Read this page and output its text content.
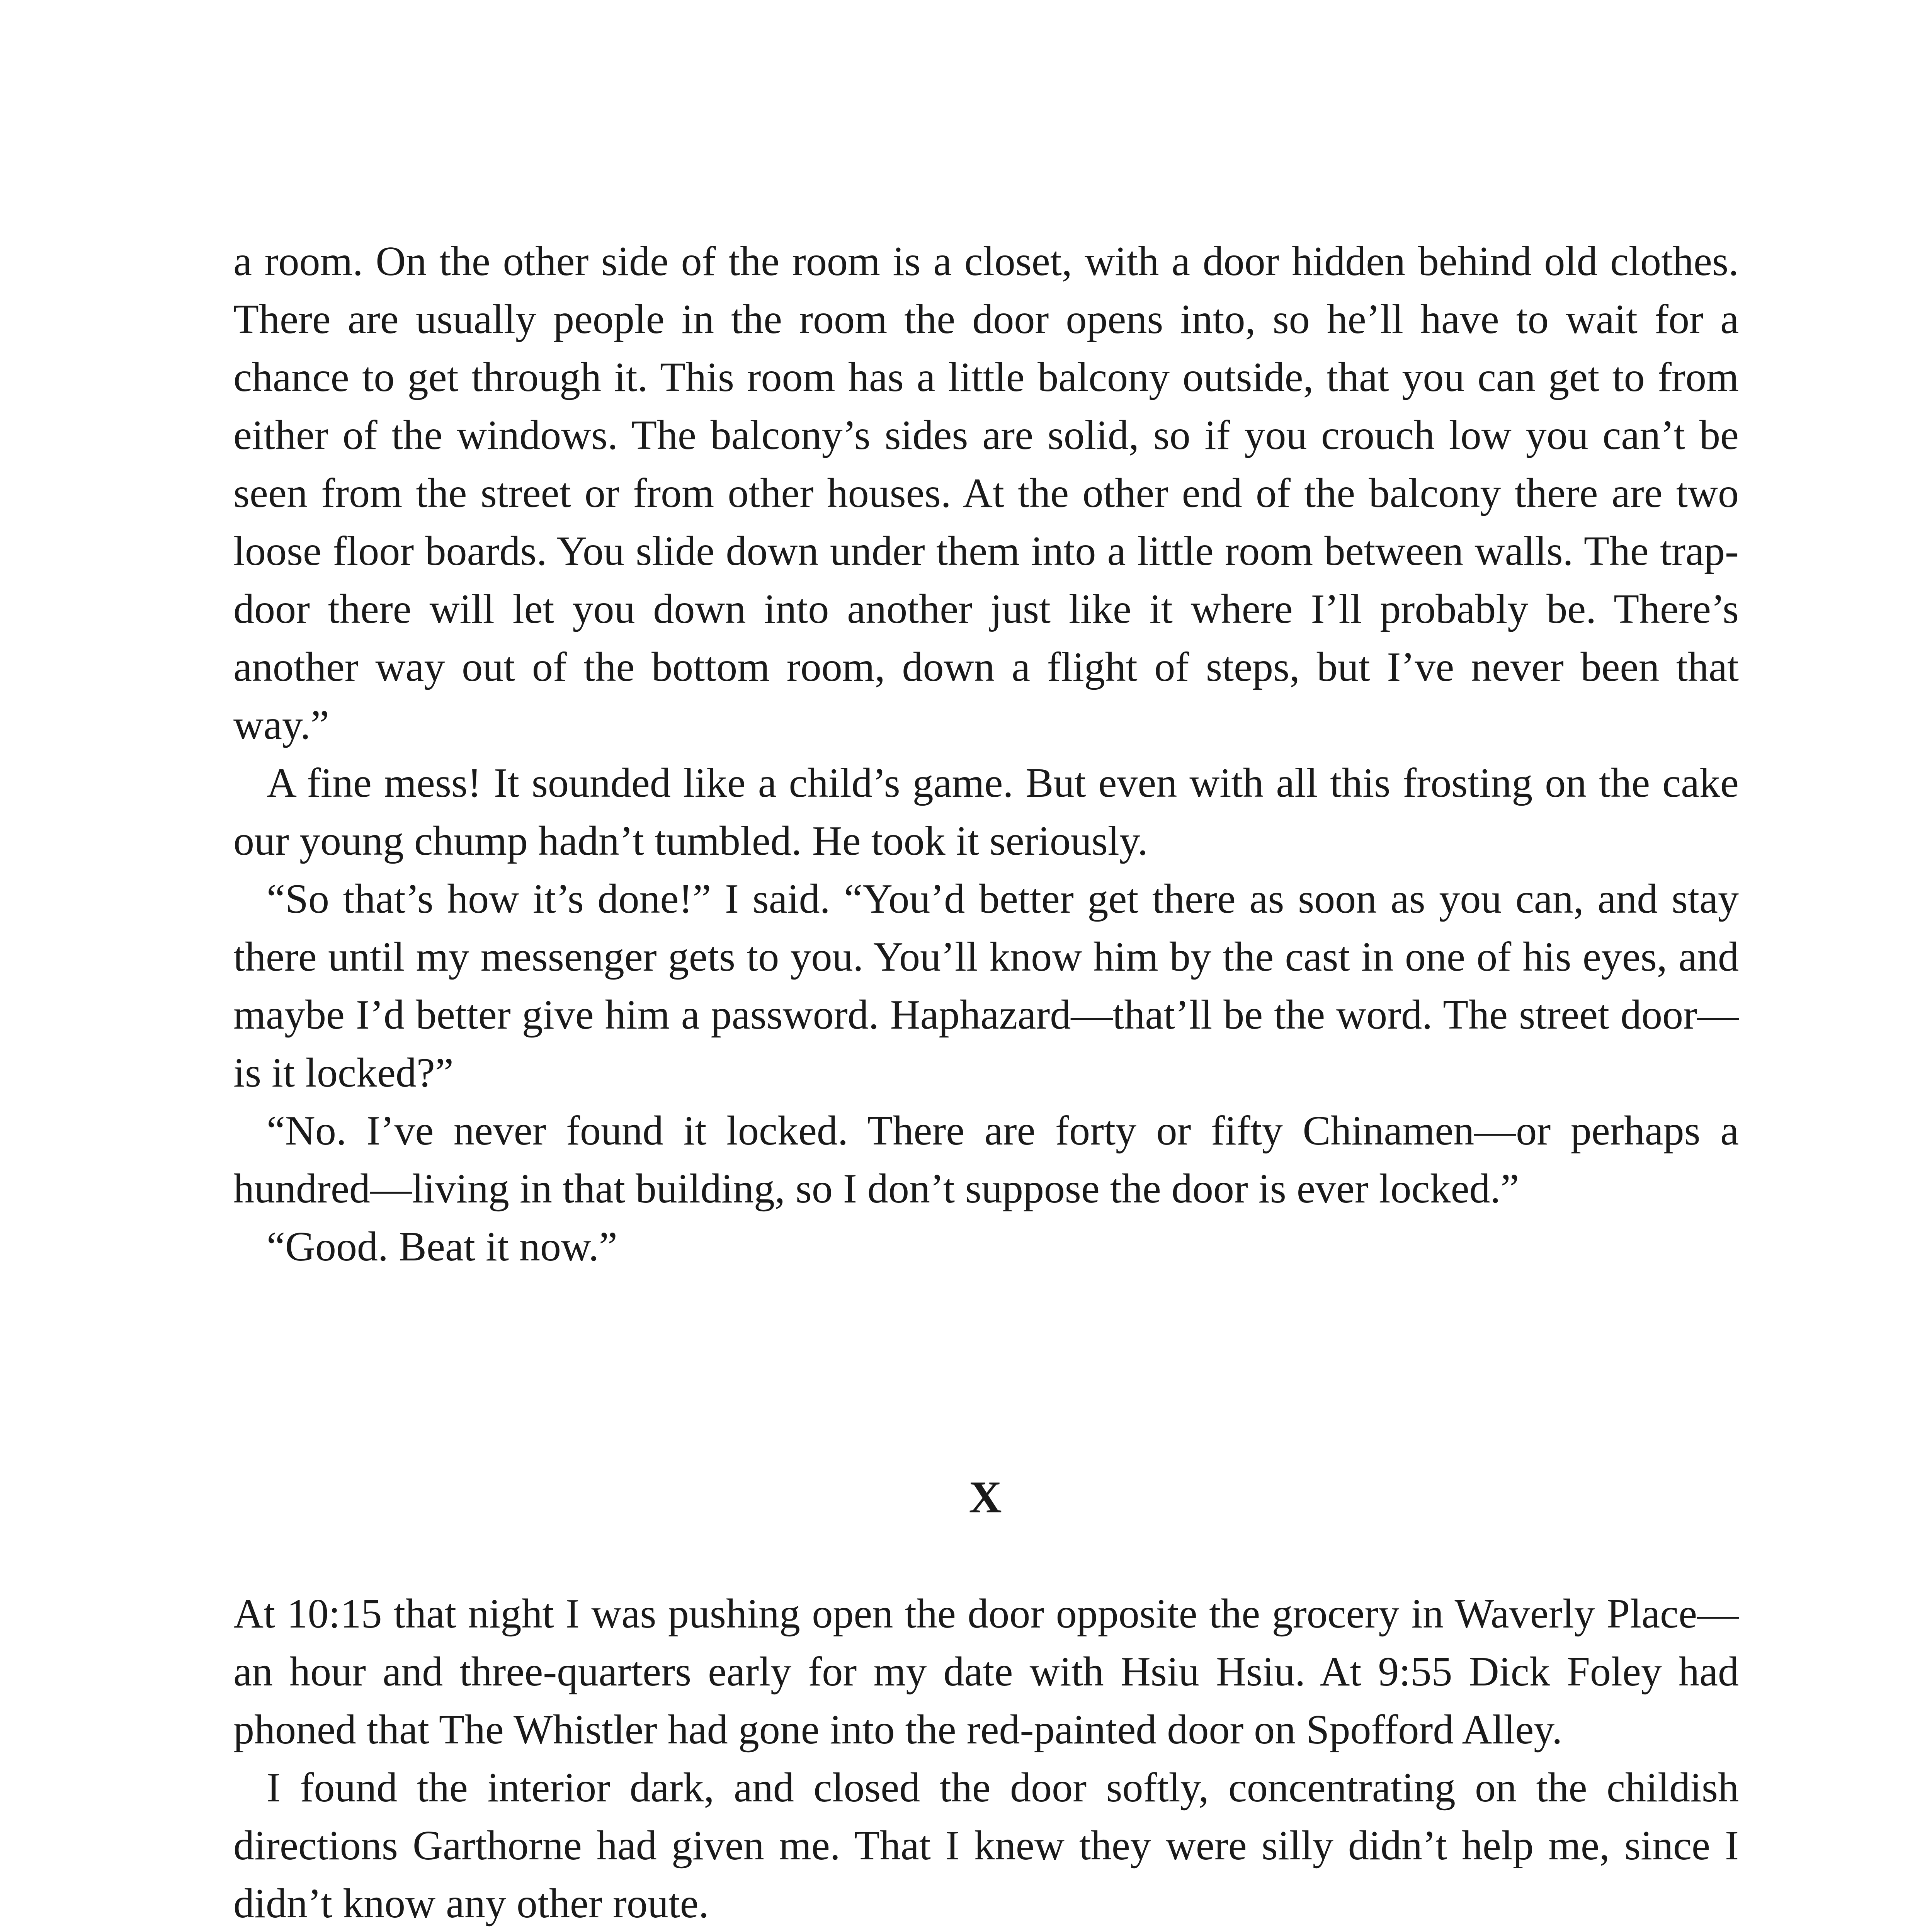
a room. On the other side of the room is a closet, with a door hidden behind old clothes. There are usually people in the room the door opens into, so he’ll have to wait for a chance to get through it. This room has a little balcony outside, that you can get to from either of the windows. The balcony’s sides are solid, so if you crouch low you can’t be seen from the street or from other houses. At the other end of the balcony there are two loose floor boards. You slide down under them into a little room between walls. The trap-door there will let you down into another just like it where I’ll probably be. There’s another way out of the bottom room, down a flight of steps, but I’ve never been that way.”

A fine mess! It sounded like a child’s game. But even with all this frosting on the cake our young chump hadn’t tumbled. He took it seriously.

“So that’s how it’s done!” I said. “You’d better get there as soon as you can, and stay there until my messenger gets to you. You’ll know him by the cast in one of his eyes, and maybe I’d better give him a password. Haphazard—that’ll be the word. The street door—is it locked?”

“No. I’ve never found it locked. There are forty or fifty Chinamen—or perhaps a hundred—living in that building, so I don’t suppose the door is ever locked.”

“Good. Beat it now.”

X

At 10:15 that night I was pushing open the door opposite the grocery in Waverly Place—an hour and three-quarters early for my date with Hsiu Hsiu. At 9:55 Dick Foley had phoned that The Whistler had gone into the red-painted door on Spofford Alley.

I found the interior dark, and closed the door softly, concentrating on the childish directions Garthorne had given me. That I knew they were silly didn’t help me, since I didn’t know any other route.
